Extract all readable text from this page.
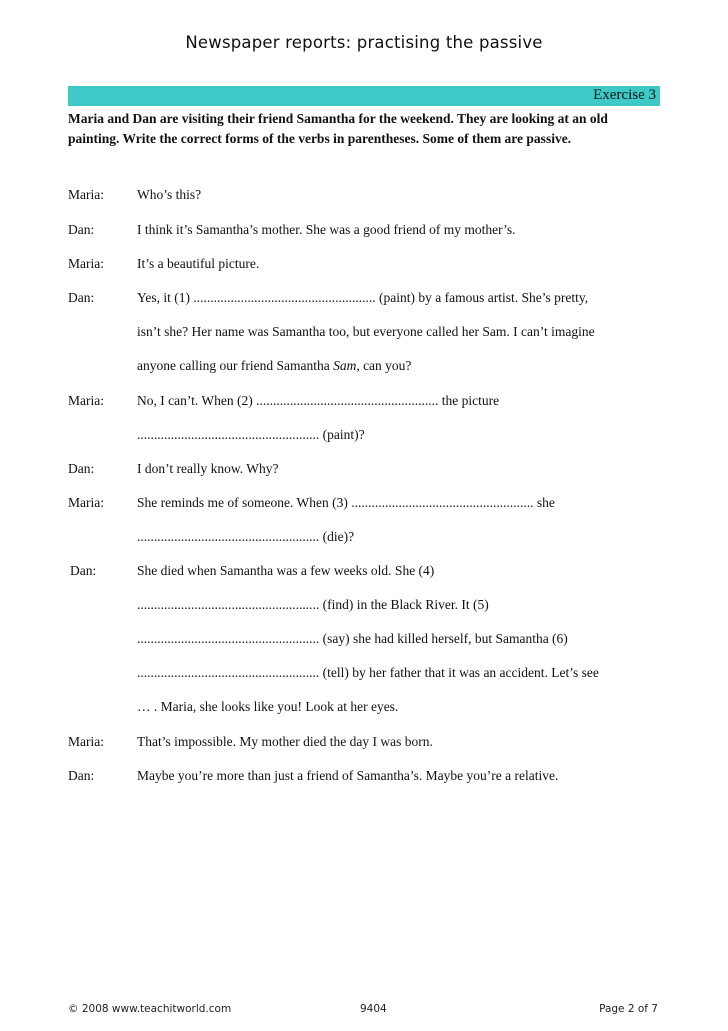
Newspaper reports: practising the passive
Exercise 3
Maria and Dan are visiting their friend Samantha for the weekend. They are looking at an old painting. Write the correct forms of the verbs in parentheses. Some of them are passive.
Maria: Who’s this?
Dan:	I think it’s Samantha’s mother. She was a good friend of my mother’s.
Maria: It’s a beautiful picture.
Dan:	Yes, it (1) ...................................................... (paint) by a famous artist. She’s pretty,
isn’t she? Her name was Samantha too, but everyone called her Sam. I can’t imagine
anyone calling our friend Samantha Sam, can you?
Maria: No, I can’t. When (2) ...................................................... the picture
...................................................... (paint)?
Dan:	I don’t really know. Why?
Maria: She reminds me of someone. When (3) ...................................................... she
...................................................... (die)?
Dan:	She died when Samantha was a few weeks old. She (4)
...................................................... (find) in the Black River. It (5)
...................................................... (say) she had killed herself, but Samantha (6)
...................................................... (tell) by her father that it was an accident. Let’s see
… . Maria, she looks like you! Look at her eyes.
Maria: That’s impossible. My mother died the day I was born.
Dan:	Maybe you’re more than just a friend of Samantha’s. Maybe you’re a relative.
© 2008 www.teachitworld.com	9404	Page 2 of 7
